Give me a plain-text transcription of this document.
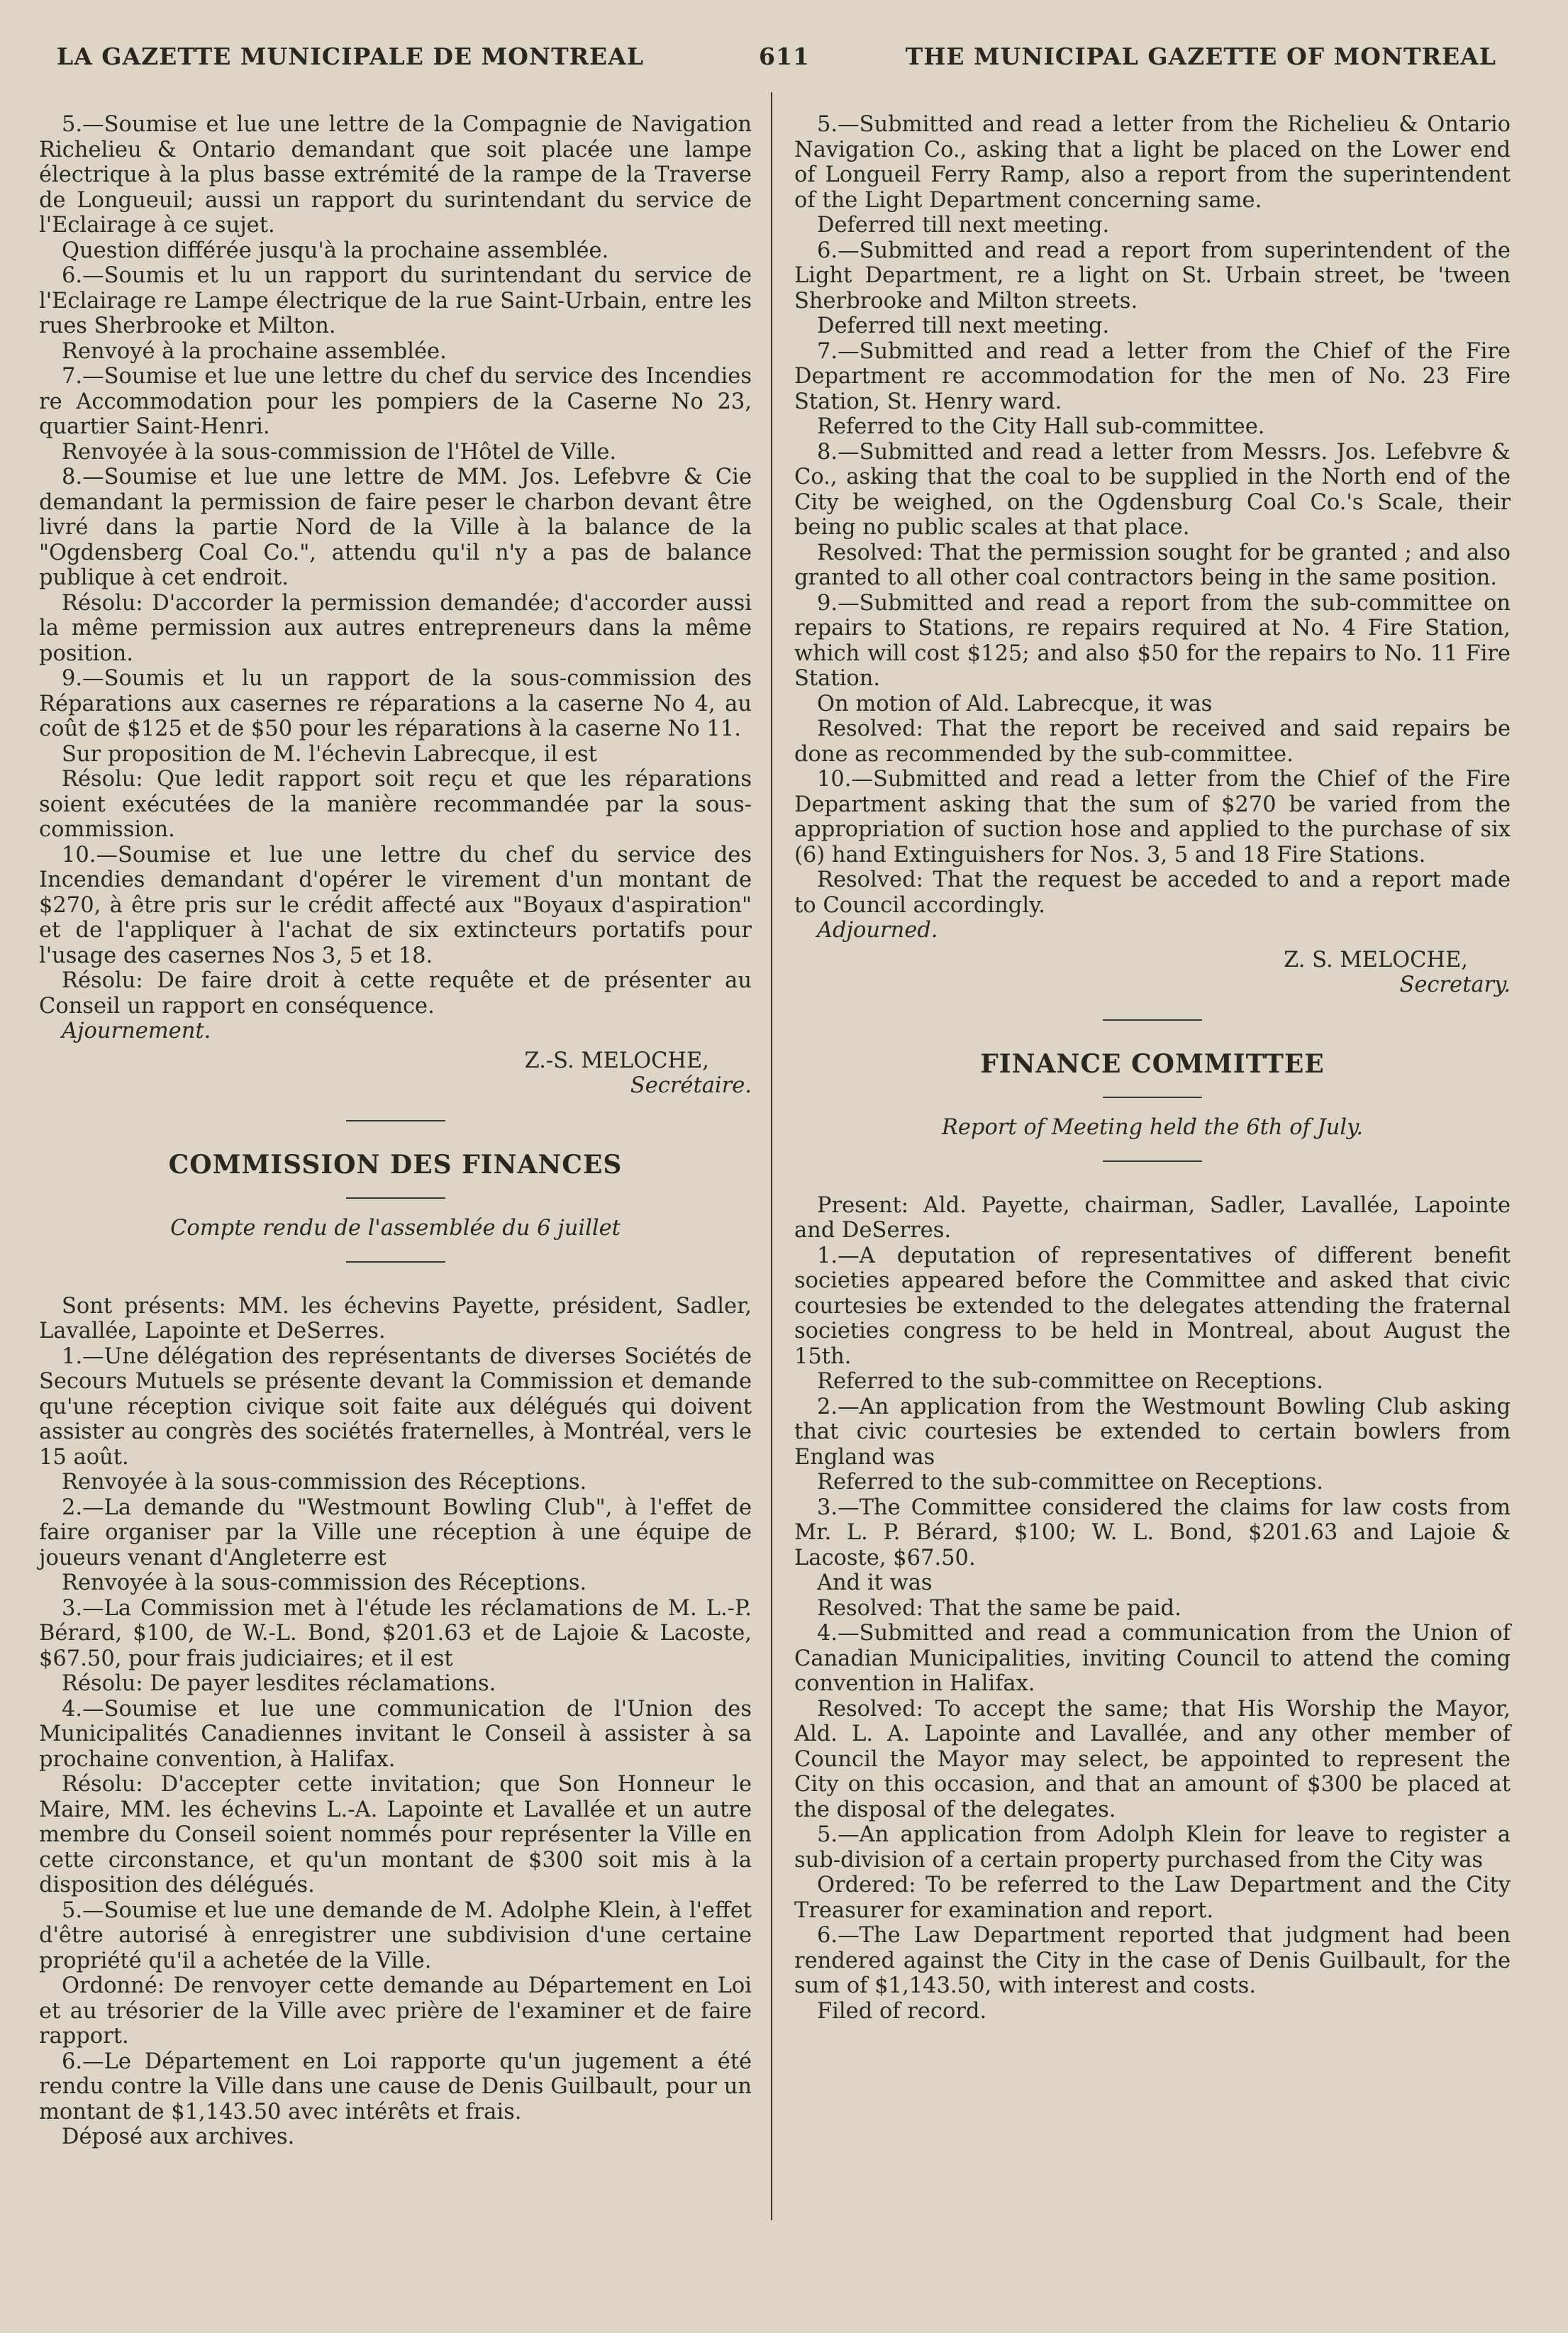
LA GAZETTE MUNICIPALE DE MONTREAL	611	THE MUNICIPAL GAZETTE OF MONTREAL

5.—Soumise et lue une lettre de la Compagnie de Navigation Richelieu & Ontario demandant que soit placée une lampe électrique à la plus basse extrémité de la rampe de la Traverse de Longueuil; aussi un rapport du surintendant du service de l'Eclairage à ce sujet.

Question différée jusqu'à la prochaine assemblée.

6.—Soumis et lu un rapport du surintendant du service de l'Eclairage re Lampe électrique de la rue Saint-Urbain, entre les rues Sherbrooke et Milton.

Renvoyé à la prochaine assemblée.

7.—Soumise et lue une lettre du chef du service des Incendies re Accommodation pour les pompiers de la Caserne No 23, quartier Saint-Henri.

Renvoyée à la sous-commission de l'Hôtel de Ville.

8.—Soumise et lue une lettre de MM. Jos. Lefebvre & Cie demandant la permission de faire peser le charbon devant être livré dans la partie Nord de la Ville à la balance de la "Ogdensberg Coal Co.", attendu qu'il n'y a pas de balance publique à cet endroit.

Résolu: D'accorder la permission demandée; d'accorder aussi la même permission aux autres entrepreneurs dans la même position.

9.—Soumis et lu un rapport de la sous-commission des Réparations aux casernes re réparations a la caserne No 4, au coût de $125 et de $50 pour les réparations à la caserne No 11.

Sur proposition de M. l'échevin Labrecque, il est

Résolu: Que ledit rapport soit reçu et que les réparations soient exécutées de la manière recommandée par la sous-commission.

10.—Soumise et lue une lettre du chef du service des Incendies demandant d'opérer le virement d'un montant de $270, à être pris sur le crédit affecté aux "Boyaux d'aspiration" et de l'appliquer à l'achat de six extincteurs portatifs pour l'usage des casernes Nos 3, 5 et 18.

Résolu: De faire droit à cette requête et de présenter au Conseil un rapport en conséquence.

Ajournement.

Z.-S. MELOCHE,
Secrétaire.
COMMISSION DES FINANCES
Compte rendu de l'assemblée du 6 juillet

Sont présents: MM. les échevins Payette, président, Sadler, Lavallée, Lapointe et DeSerres.

1.—Une délégation des représentants de diverses Sociétés de Secours Mutuels se présente devant la Commission et demande qu'une réception civique soit faite aux délégués qui doivent assister au congrès des sociétés fraternelles, à Montréal, vers le 15 août.

Renvoyée à la sous-commission des Réceptions.

2.—La demande du "Westmount Bowling Club", à l'effet de faire organiser par la Ville une réception à une équipe de joueurs venant d'Angleterre est

Renvoyée à la sous-commission des Réceptions.

3.—La Commission met à l'étude les réclamations de M. L.-P. Bérard, $100, de W.-L. Bond, $201.63 et de Lajoie & Lacoste, $67.50, pour frais judiciaires; et il est

Résolu: De payer lesdites réclamations.

4.—Soumise et lue une communication de l'Union des Municipalités Canadiennes invitant le Conseil à assister à sa prochaine convention, à Halifax.

Résolu: D'accepter cette invitation; que Son Honneur le Maire, MM. les échevins L.-A. Lapointe et Lavallée et un autre membre du Conseil soient nommés pour représenter la Ville en cette circonstance, et qu'un montant de $300 soit mis à la disposition des délégués.

5.—Soumise et lue une demande de M. Adolphe Klein, à l'effet d'être autorisé à enregistrer une subdivision d'une certaine propriété qu'il a achetée de la Ville.

Ordonné: De renvoyer cette demande au Département en Loi et au trésorier de la Ville avec prière de l'examiner et de faire rapport.

6.—Le Département en Loi rapporte qu'un jugement a été rendu contre la Ville dans une cause de Denis Guilbault, pour un montant de $1,143.50 avec intérêts et frais.

Déposé aux archives.

5.—Submitted and read a letter from the Richelieu & Ontario Navigation Co., asking that a light be placed on the Lower end of Longueil Ferry Ramp, also a report from the superintendent of the Light Department concerning same.

Deferred till next meeting.

6.—Submitted and read a report from superintendent of the Light Department, re a light on St. Urbain street, be 'tween Sherbrooke and Milton streets.

Deferred till next meeting.

7.—Submitted and read a letter from the Chief of the Fire Department re accommodation for the men of No. 23 Fire Station, St. Henry ward.

Referred to the City Hall sub-committee.

8.—Submitted and read a letter from Messrs. Jos. Lefebvre & Co., asking that the coal to be supplied in the North end of the City be weighed, on the Ogdensburg Coal Co.'s Scale, their being no public scales at that place.

Resolved: That the permission sought for be granted ; and also granted to all other coal contractors being in the same position.

9.—Submitted and read a report from the sub-committee on repairs to Stations, re repairs required at No. 4 Fire Station, which will cost $125; and also $50 for the repairs to No. 11 Fire Station.

On motion of Ald. Labrecque, it was

Resolved: That the report be received and said repairs be done as recommended by the sub-committee.

10.—Submitted and read a letter from the Chief of the Fire Department asking that the sum of $270 be varied from the appropriation of suction hose and applied to the purchase of six (6) hand Extinguishers for Nos. 3, 5 and 18 Fire Stations.

Resolved: That the request be acceded to and a report made to Council accordingly.

Adjourned.

Z. S. MELOCHE,
Secretary.
FINANCE COMMITTEE
Report of Meeting held the 6th of July.

Present: Ald. Payette, chairman, Sadler, Lavallée, Lapointe and DeSerres.

1.—A deputation of representatives of different benefit societies appeared before the Committee and asked that civic courtesies be extended to the delegates attending the fraternal societies congress to be held in Montreal, about August the 15th.

Referred to the sub-committee on Receptions.

2.—An application from the Westmount Bowling Club asking that civic courtesies be extended to certain bowlers from England was

Referred to the sub-committee on Receptions.

3.—The Committee considered the claims for law costs from Mr. L. P. Bérard, $100; W. L. Bond, $201.63 and Lajoie & Lacoste, $67.50.

And it was

Resolved: That the same be paid.

4.—Submitted and read a communication from the Union of Canadian Municipalities, inviting Council to attend the coming convention in Halifax.

Resolved: To accept the same; that His Worship the Mayor, Ald. L. A. Lapointe and Lavallée, and any other member of Council the Mayor may select, be appointed to represent the City on this occasion, and that an amount of $300 be placed at the disposal of the delegates.

5.—An application from Adolph Klein for leave to register a sub-division of a certain property purchased from the City was

Ordered: To be referred to the Law Department and the City Treasurer for examination and report.

6.—The Law Department reported that judgment had been rendered against the City in the case of Denis Guilbault, for the sum of $1,143.50, with interest and costs.

Filed of record.
